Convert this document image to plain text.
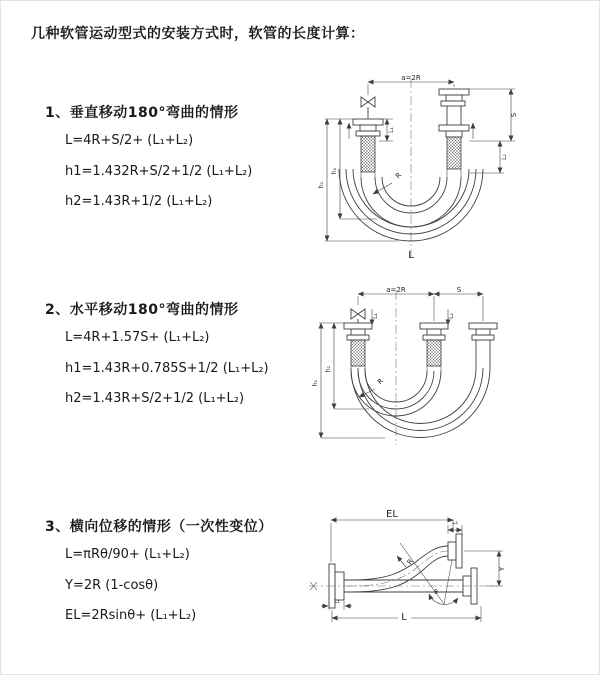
几种软管运动型式的安装方式时，软管的长度计算：
1、垂直移动180°弯曲的情形

L=4R+S/2+ (L₁+L₂)

h1=1.432R+S/2+1/2 (L₁+L₂)

h2=1.43R+1/2 (L₁+L₂)

2、水平移动180°弯曲的情形

L=4R+1.57S+ (L₁+L₂)

h1=1.43R+0.785S+1/2 (L₁+L₂)

h2=1.43R+S/2+1/2 (L₁+L₂)

3、横向位移的情形（一次性变位）

L=πRθ/90+ (L₁+L₂)

Y=2R (1-cosθ)

EL=2Rsinθ+ (L₁+L₂)

a=2R
L₁
S
L₂
h₁
h₂
R
L
a=2R	S
L₁	L₂
h₁
h₂
R
EL
L₂
Y
θ
R
L₁
L
